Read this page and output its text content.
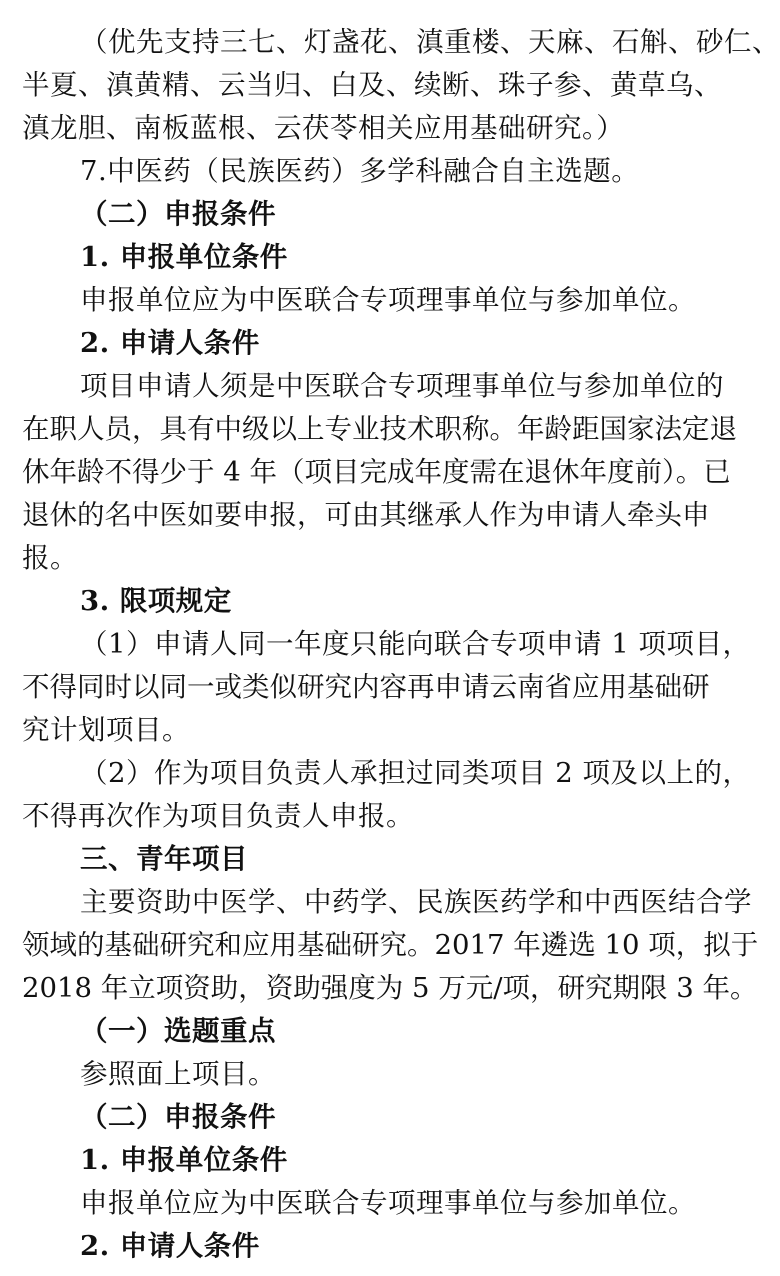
（优先支持三七、灯盏花、滇重楼、天麻、石斛、砂仁、
半夏、滇黄精、云当归、白及、续断、珠子参、黄草乌、
滇龙胆、南板蓝根、云茯苓相关应用基础研究。）
7.中医药（民族医药）多学科融合自主选题。
（二）申报条件
1. 申报单位条件
申报单位应为中医联合专项理事单位与参加单位。
2. 申请人条件
项目申请人须是中医联合专项理事单位与参加单位的
在职人员，具有中级以上专业技术职称。年龄距国家法定退
休年龄不得少于 4 年（项目完成年度需在退休年度前）。已
退休的名中医如要申报，可由其继承人作为申请人牵头申
报。
3. 限项规定
（1）申请人同一年度只能向联合专项申请 1 项项目，
不得同时以同一或类似研究内容再申请云南省应用基础研
究计划项目。
（2）作为项目负责人承担过同类项目 2 项及以上的，
不得再次作为项目负责人申报。
三、青年项目
主要资助中医学、中药学、民族医药学和中西医结合学
领域的基础研究和应用基础研究。2017 年遴选 10 项，拟于
2018 年立项资助，资助强度为 5 万元/项，研究期限 3 年。
（一）选题重点
参照面上项目。
（二）申报条件
1. 申报单位条件
申报单位应为中医联合专项理事单位与参加单位。
2. 申请人条件
